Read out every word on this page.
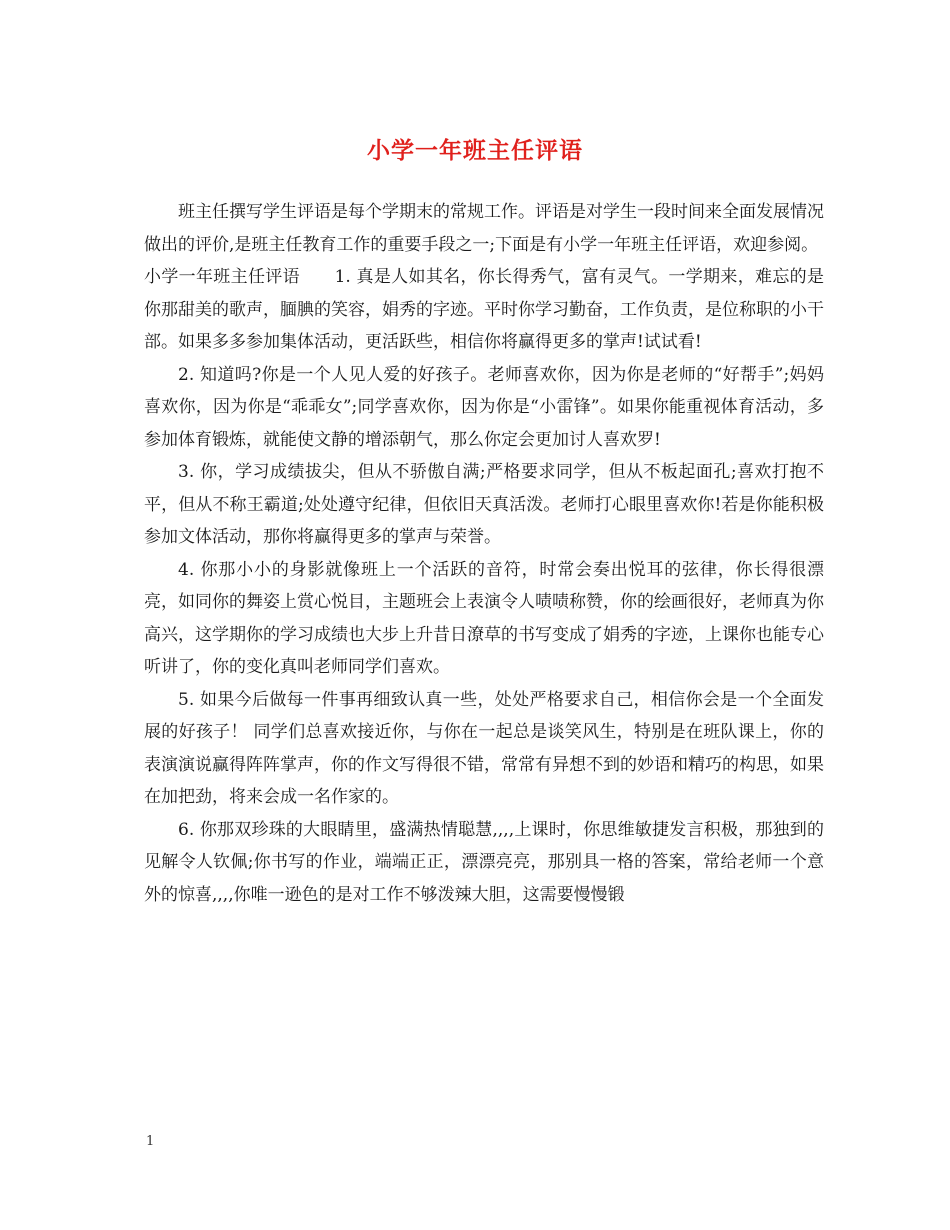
小学一年班主任评语

班主任撰写学生评语是每个学期末的常规工作。评语是对学生一段时间来全面发展情况做出的评价,是班主任教育工作的重要手段之一;下面是有小学一年班主任评语，欢迎参阅。

小学一年班主任评语　　1. 真是人如其名，你长得秀气，富有灵气。一学期来，难忘的是你那甜美的歌声，腼腆的笑容，娟秀的字迹。平时你学习勤奋，工作负责，是位称职的小干部。如果多多参加集体活动，更活跃些，相信你将赢得更多的掌声!试试看!

2. 知道吗?你是一个人见人爱的好孩子。老师喜欢你，因为你是老师的“好帮手”;妈妈喜欢你，因为你是“乖乖女”;同学喜欢你，因为你是“小雷锋”。如果你能重视体育活动，多参加体育锻炼，就能使文静的增添朝气，那么你定会更加讨人喜欢罗!

3. 你，学习成绩拔尖，但从不骄傲自满;严格要求同学，但从不板起面孔;喜欢打抱不平，但从不称王霸道;处处遵守纪律，但依旧天真活泼。老师打心眼里喜欢你!若是你能积极参加文体活动，那你将赢得更多的掌声与荣誉。

4. 你那小小的身影就像班上一个活跃的音符，时常会奏出悦耳的弦律，你长得很漂亮，如同你的舞姿上赏心悦目，主题班会上表演令人啧啧称赞，你的绘画很好，老师真为你高兴，这学期你的学习成绩也大步上升昔日潦草的书写变成了娟秀的字迹，上课你也能专心听讲了，你的变化真叫老师同学们喜欢。

5. 如果今后做每一件事再细致认真一些，处处严格要求自己，相信你会是一个全面发展的好孩子！ 同学们总喜欢接近你，与你在一起总是谈笑风生，特别是在班队课上，你的表演演说赢得阵阵掌声，你的作文写得很不错，常常有异想不到的妙语和精巧的构思，如果在加把劲，将来会成一名作家的。

6. 你那双珍珠的大眼睛里，盛满热情聪慧,,,,上课时，你思维敏捷发言积极，那独到的见解令人钦佩;你书写的作业，端端正正，漂漂亮亮，那别具一格的答案，常给老师一个意外的惊喜,,,,你唯一逊色的是对工作不够泼辣大胆，这需要慢慢锻

1
